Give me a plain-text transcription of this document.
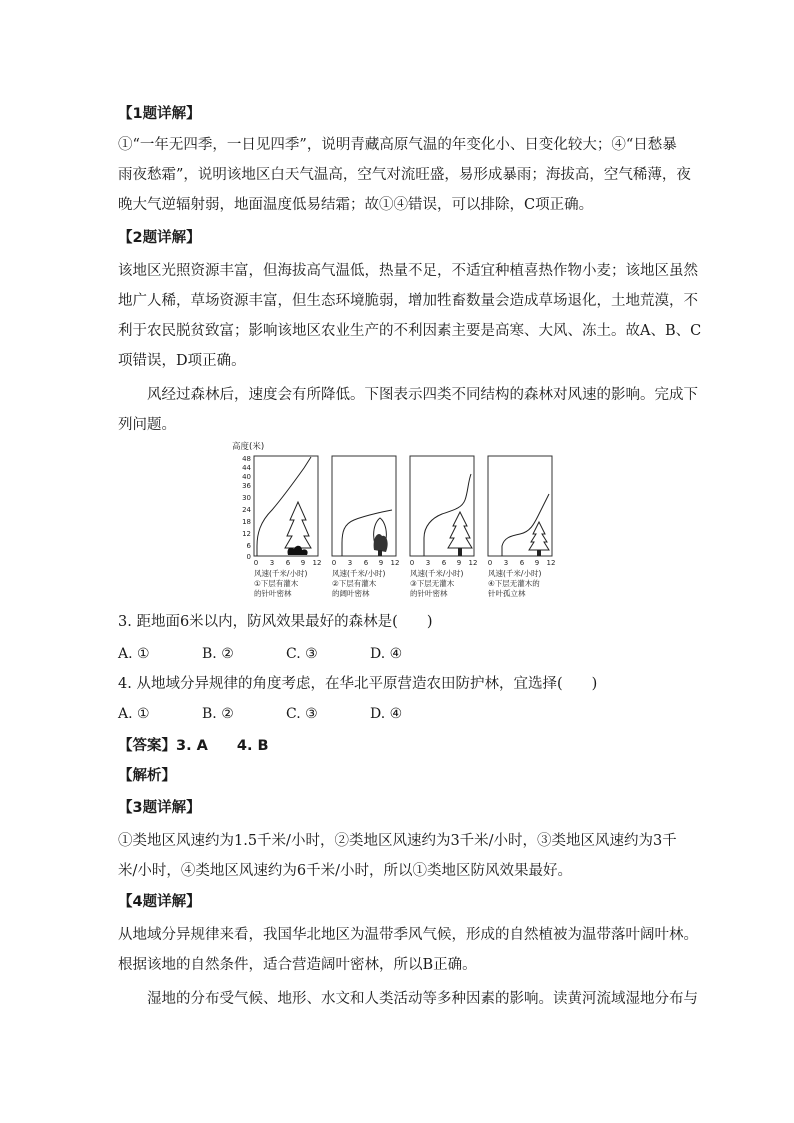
【1题详解】
①“一年无四季，一日见四季”，说明青藏高原气温的年变化小、日变化较大；④“日愁暴
雨夜愁霜”，说明该地区白天气温高，空气对流旺盛，易形成暴雨；海拔高，空气稀薄，夜
晚大气逆辐射弱，地面温度低易结霜；故①④错误，可以排除，C项正确。
【2题详解】
该地区光照资源丰富，但海拔高气温低，热量不足，不适宜种植喜热作物小麦；该地区虽然
地广人稀，草场资源丰富，但生态环境脆弱，增加牲畜数量会造成草场退化，土地荒漠，不
利于农民脱贫致富；影响该地区农业生产的不利因素主要是高寒、大风、冻土。故A、B、C
项错误，D项正确。
风经过森林后，速度会有所降低。下图表示四类不同结构的森林对风速的影响。完成下
列问题。
高度(米)
48
44
40
36
30
24
18
12
6
0
0 3 6 9 12
风速(千米/小时)
①下层有灌木
的针叶密林
0 3 6 9 12
风速(千米/小时)
②下层有灌木
的阔叶密林
0 3 6 9 12
风速(千米/小时)
③下层无灌木
的针叶密林
0 3 6 9 12
风速(千米/小时)
④下层无灌木的
针叶孤立林
3. 距地面6米以内，防风效果最好的森林是(　　)
A. ①	B. ②	C. ③	D. ④
4. 从地域分异规律的角度考虑，在华北平原营造农田防护林，宜选择(　　)
A. ①	B. ②	C. ③	D. ④
【答案】3. A　　4. B
【解析】
【3题详解】
①类地区风速约为1.5千米/小时，②类地区风速约为3千米/小时，③类地区风速约为3千
米/小时，④类地区风速约为6千米/小时，所以①类地区防风效果最好。
【4题详解】
从地域分异规律来看，我国华北地区为温带季风气候，形成的自然植被为温带落叶阔叶林。
根据该地的自然条件，适合营造阔叶密林，所以B正确。
湿地的分布受气候、地形、水文和人类活动等多种因素的影响。读黄河流域湿地分布与
